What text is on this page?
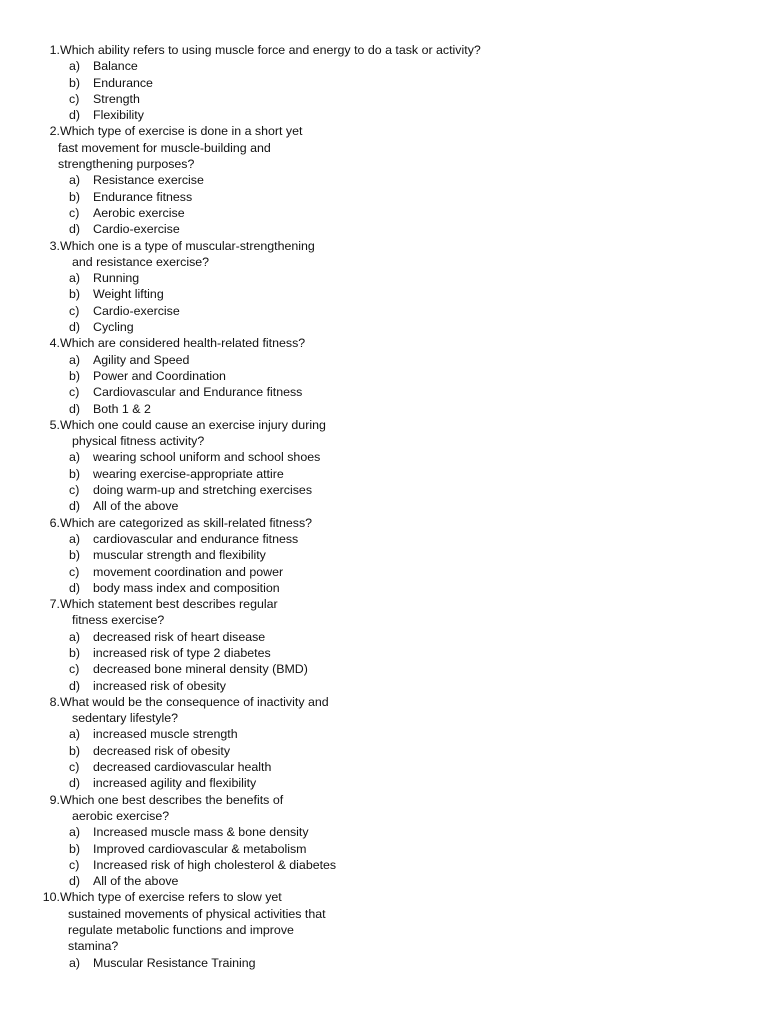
1. Which ability refers to using muscle force and energy to do a task or activity?
a)	Balance
b)	Endurance
c)	Strength
d)	Flexibility
2. Which type of exercise is done in a short yet
fast movement for muscle-building and
strengthening purposes?
a)	Resistance exercise
b)	Endurance fitness
c)	Aerobic exercise
d)	Cardio-exercise
3. Which one is a type of muscular-strengthening
and resistance exercise?
a)	Running
b)	Weight lifting
c)	Cardio-exercise
d)	Cycling
4. Which are considered health-related fitness?
a)	Agility and Speed
b)	Power and Coordination
c)	Cardiovascular and Endurance fitness
d)	Both 1 & 2
5. Which one could cause an exercise injury during
physical fitness activity?
a)	wearing school uniform and school shoes
b)	wearing exercise-appropriate attire
c)	doing warm-up and stretching exercises
d)	All of the above
6. Which are categorized as skill-related fitness?
a)	cardiovascular and endurance fitness
b)	muscular strength and flexibility
c)	movement coordination and power
d)	body mass index and composition
7. Which statement best describes regular
fitness exercise?
a)	decreased risk of heart disease
b)	increased risk of type 2 diabetes
c)	decreased bone mineral density (BMD)
d)	increased risk of obesity
8. What would be the consequence of inactivity and
sedentary lifestyle?
a)	increased muscle strength
b)	decreased risk of obesity
c)	decreased cardiovascular health
d)	increased agility and flexibility
9. Which one best describes the benefits of
aerobic exercise?
a)	Increased muscle mass & bone density
b)	Improved cardiovascular & metabolism
c)	Increased risk of high cholesterol & diabetes
d)	All of the above
10. Which type of exercise refers to slow yet
sustained movements of physical activities that
regulate metabolic functions and improve
stamina?
a)	Muscular Resistance Training
